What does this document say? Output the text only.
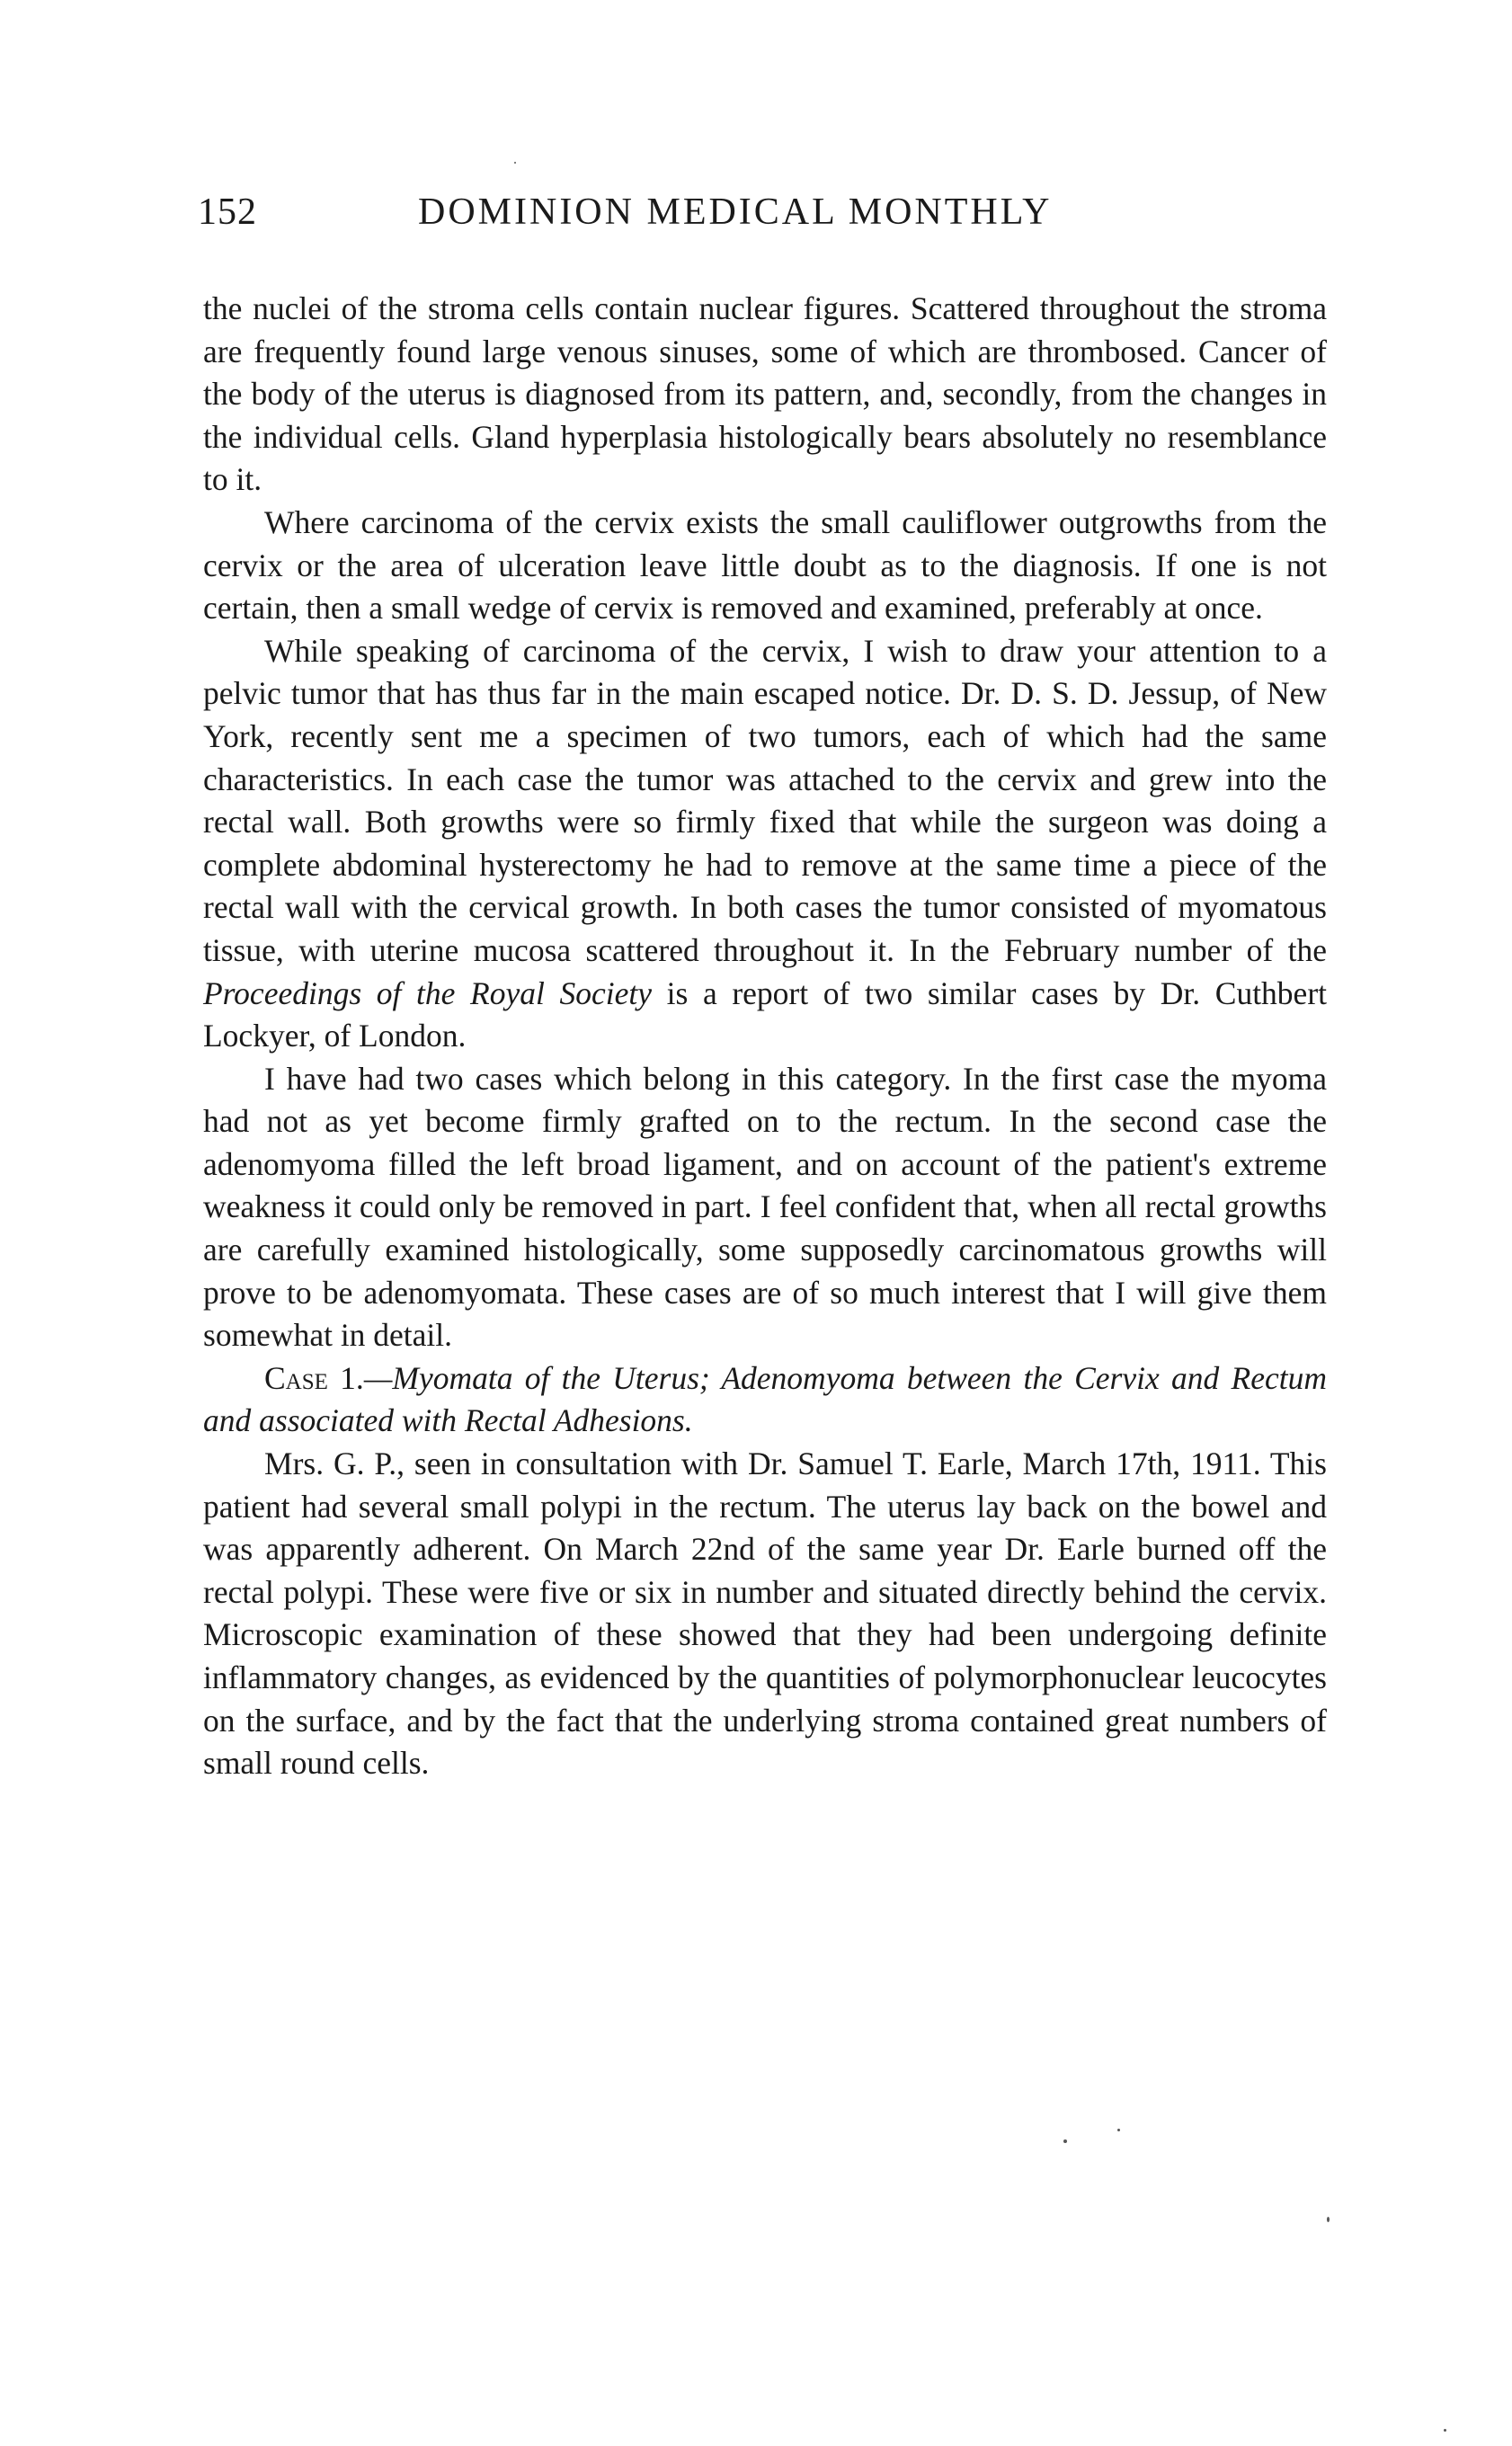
152	DOMINION MEDICAL MONTHLY

the nuclei of the stroma cells contain nuclear figures. Scattered throughout the stroma are frequently found large venous sinuses, some of which are thrombosed. Cancer of the body of the uterus is diagnosed from its pattern, and, secondly, from the changes in the individual cells. Gland hyperplasia histologically bears absolutely no resemblance to it.

Where carcinoma of the cervix exists the small cauliflower outgrowths from the cervix or the area of ulceration leave little doubt as to the diagnosis. If one is not certain, then a small wedge of cervix is removed and examined, preferably at once.

While speaking of carcinoma of the cervix, I wish to draw your attention to a pelvic tumor that has thus far in the main escaped notice. Dr. D. S. D. Jessup, of New York, recently sent me a specimen of two tumors, each of which had the same characteristics. In each case the tumor was attached to the cervix and grew into the rectal wall. Both growths were so firmly fixed that while the surgeon was doing a complete abdominal hysterectomy he had to remove at the same time a piece of the rectal wall with the cervical growth. In both cases the tumor consisted of myomatous tissue, with uterine mucosa scattered throughout it. In the February number of the Proceedings of the Royal Society is a report of two similar cases by Dr. Cuthbert Lockyer, of London.

I have had two cases which belong in this category. In the first case the myoma had not as yet become firmly grafted on to the rectum. In the second case the adenomyoma filled the left broad ligament, and on account of the patient's extreme weakness it could only be removed in part. I feel confident that, when all rectal growths are carefully examined histologically, some supposedly carcinomatous growths will prove to be adenomyomata. These cases are of so much interest that I will give them somewhat in detail.

Case 1.—Myomata of the Uterus; Adenomyoma between the Cervix and Rectum and associated with Rectal Adhesions.

Mrs. G. P., seen in consultation with Dr. Samuel T. Earle, March 17th, 1911. This patient had several small polypi in the rectum. The uterus lay back on the bowel and was apparently adherent. On March 22nd of the same year Dr. Earle burned off the rectal polypi. These were five or six in number and situated directly behind the cervix. Microscopic examination of these showed that they had been undergoing definite inflammatory changes, as evidenced by the quantities of polymorphonuclear leucocytes on the surface, and by the fact that the underlying stroma contained great numbers of small round cells.
